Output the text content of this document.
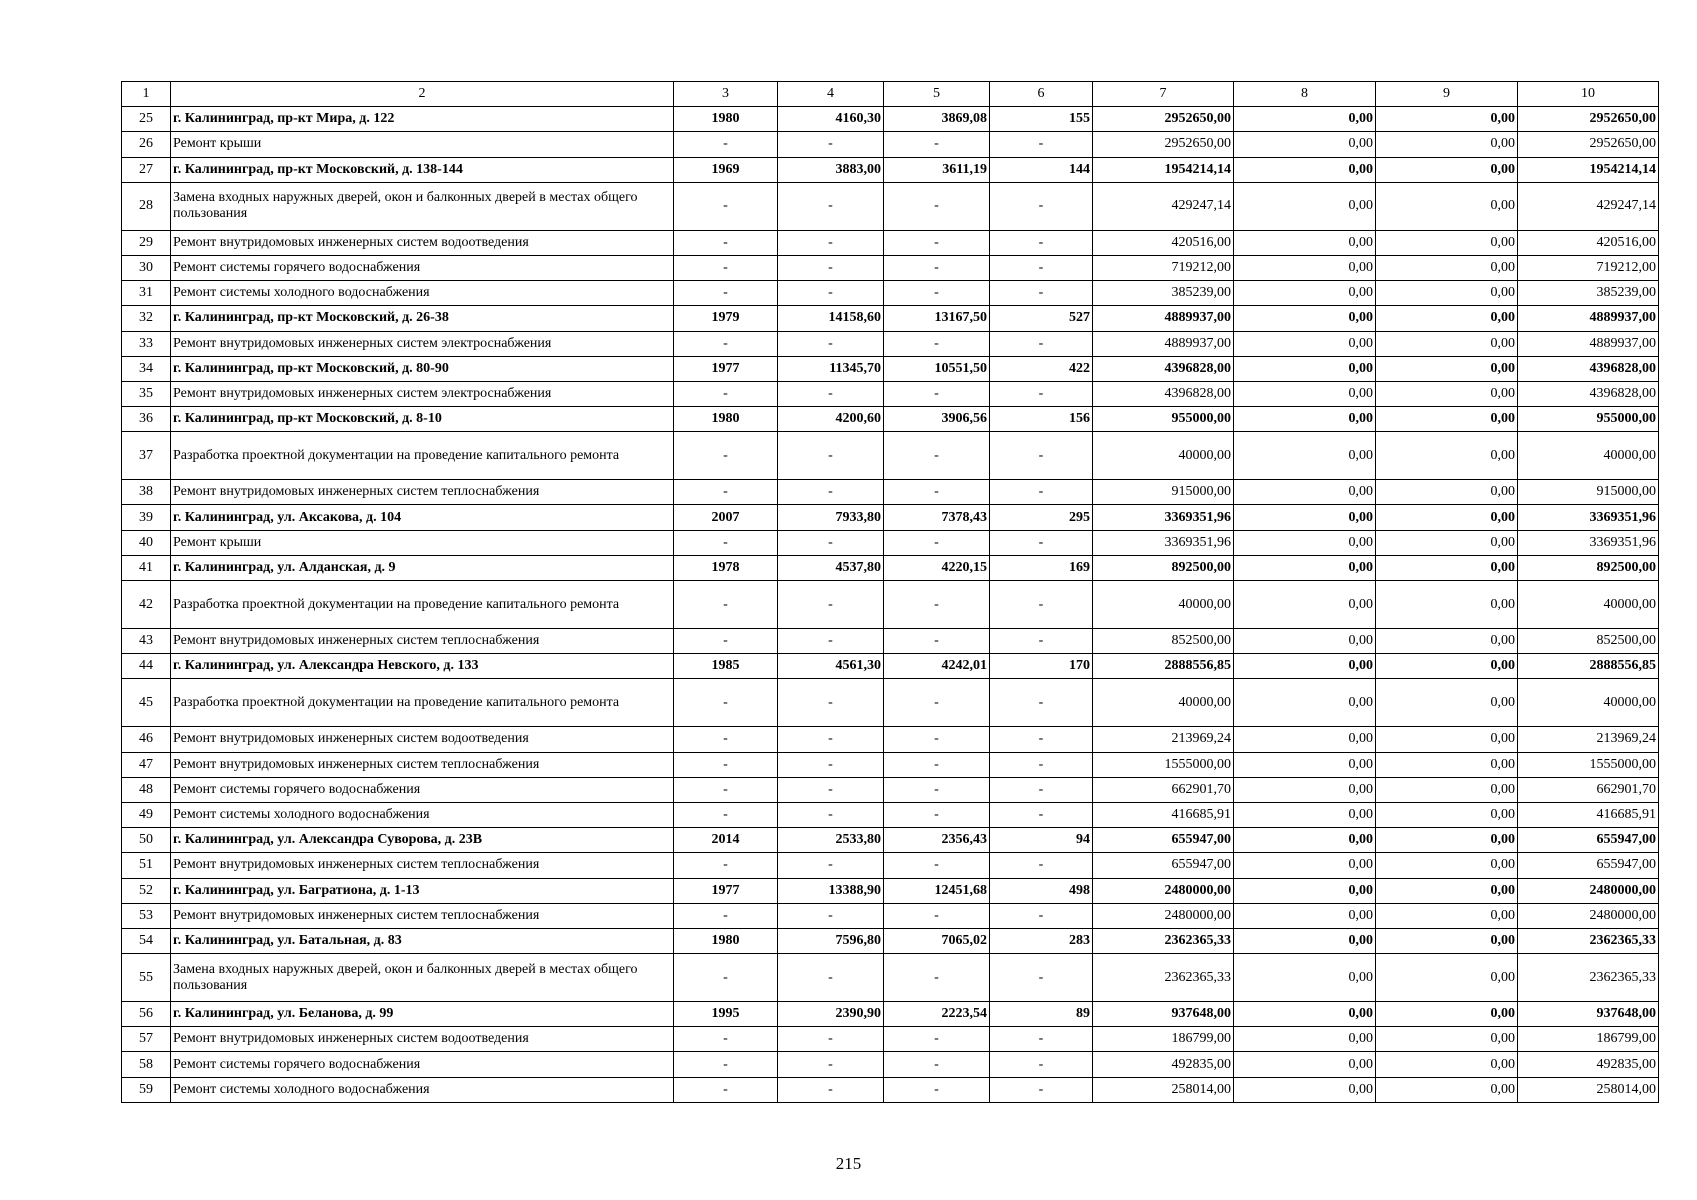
1	2	3	4	5	6	7	8	9	10
25	г. Калининград, пр-кт Мира, д. 122	1980	4160,30	3869,08	155	2952650,00	0,00	0,00	2952650,00
26	Ремонт крыши	-	-	-	-	2952650,00	0,00	0,00	2952650,00
27	г. Калининград, пр-кт Московский, д. 138-144	1969	3883,00	3611,19	144	1954214,14	0,00	0,00	1954214,14
28	Замена входных наружных дверей, окон и балконных дверей в местах общего пользования	-	-	-	-	429247,14	0,00	0,00	429247,14
29	Ремонт внутридомовых инженерных систем водоотведения	-	-	-	-	420516,00	0,00	0,00	420516,00
30	Ремонт системы горячего водоснабжения	-	-	-	-	719212,00	0,00	0,00	719212,00
31	Ремонт системы холодного водоснабжения	-	-	-	-	385239,00	0,00	0,00	385239,00
32	г. Калининград, пр-кт Московский, д. 26-38	1979	14158,60	13167,50	527	4889937,00	0,00	0,00	4889937,00
33	Ремонт внутридомовых инженерных систем электроснабжения	-	-	-	-	4889937,00	0,00	0,00	4889937,00
34	г. Калининград, пр-кт Московский, д. 80-90	1977	11345,70	10551,50	422	4396828,00	0,00	0,00	4396828,00
35	Ремонт внутридомовых инженерных систем электроснабжения	-	-	-	-	4396828,00	0,00	0,00	4396828,00
36	г. Калининград, пр-кт Московский, д. 8-10	1980	4200,60	3906,56	156	955000,00	0,00	0,00	955000,00
37	Разработка проектной документации на проведение капитального ремонта	-	-	-	-	40000,00	0,00	0,00	40000,00
38	Ремонт внутридомовых инженерных систем теплоснабжения	-	-	-	-	915000,00	0,00	0,00	915000,00
39	г. Калининград, ул. Аксакова, д. 104	2007	7933,80	7378,43	295	3369351,96	0,00	0,00	3369351,96
40	Ремонт крыши	-	-	-	-	3369351,96	0,00	0,00	3369351,96
41	г. Калининград, ул. Алданская, д. 9	1978	4537,80	4220,15	169	892500,00	0,00	0,00	892500,00
42	Разработка проектной документации на проведение капитального ремонта	-	-	-	-	40000,00	0,00	0,00	40000,00
43	Ремонт внутридомовых инженерных систем теплоснабжения	-	-	-	-	852500,00	0,00	0,00	852500,00
44	г. Калининград, ул. Александра Невского, д. 133	1985	4561,30	4242,01	170	2888556,85	0,00	0,00	2888556,85
45	Разработка проектной документации на проведение капитального ремонта	-	-	-	-	40000,00	0,00	0,00	40000,00
46	Ремонт внутридомовых инженерных систем водоотведения	-	-	-	-	213969,24	0,00	0,00	213969,24
47	Ремонт внутридомовых инженерных систем теплоснабжения	-	-	-	-	1555000,00	0,00	0,00	1555000,00
48	Ремонт системы горячего водоснабжения	-	-	-	-	662901,70	0,00	0,00	662901,70
49	Ремонт системы холодного водоснабжения	-	-	-	-	416685,91	0,00	0,00	416685,91
50	г. Калининград, ул. Александра Суворова, д. 23В	2014	2533,80	2356,43	94	655947,00	0,00	0,00	655947,00
51	Ремонт внутридомовых инженерных систем теплоснабжения	-	-	-	-	655947,00	0,00	0,00	655947,00
52	г. Калининград, ул. Багратиона, д. 1-13	1977	13388,90	12451,68	498	2480000,00	0,00	0,00	2480000,00
53	Ремонт внутридомовых инженерных систем теплоснабжения	-	-	-	-	2480000,00	0,00	0,00	2480000,00
54	г. Калининград, ул. Батальная, д. 83	1980	7596,80	7065,02	283	2362365,33	0,00	0,00	2362365,33
55	Замена входных наружных дверей, окон и балконных дверей в местах общего пользования	-	-	-	-	2362365,33	0,00	0,00	2362365,33
56	г. Калининград, ул. Беланова, д. 99	1995	2390,90	2223,54	89	937648,00	0,00	0,00	937648,00
57	Ремонт внутридомовых инженерных систем водоотведения	-	-	-	-	186799,00	0,00	0,00	186799,00
58	Ремонт системы горячего водоснабжения	-	-	-	-	492835,00	0,00	0,00	492835,00
59	Ремонт системы холодного водоснабжения	-	-	-	-	258014,00	0,00	0,00	258014,00
215
